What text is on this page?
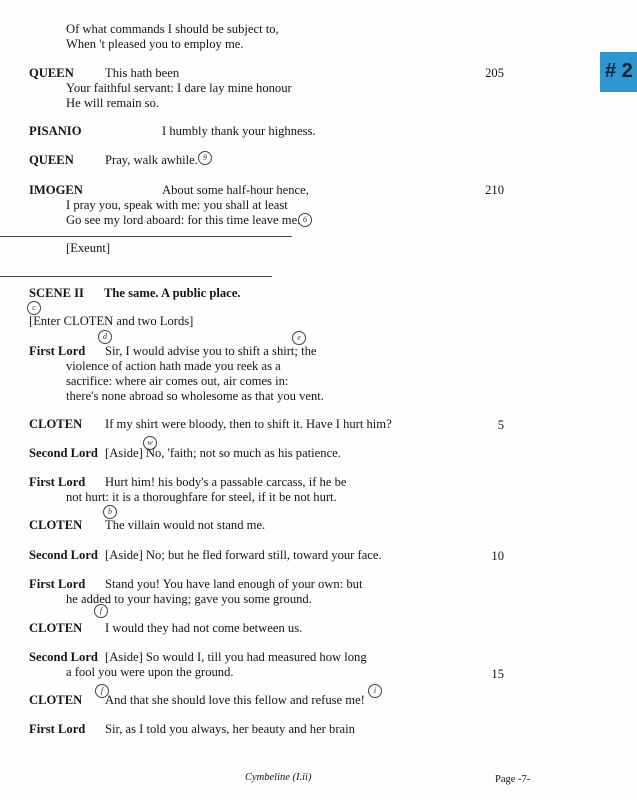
# 2
Of what commands I should be subject to,
When 't pleased you to employ me.
QUEEN This hath been	205
Your faithful servant: I dare lay mine honour
He will remain so.
PISANIO	I humbly thank your highness.
QUEEN Pray, walk awhile. 9
IMOGEN	About some half-hour hence,	210
I pray you, speak with me: you shall at least
Go see my lord aboard: for this time leave me. 6
[Exeunt]
SCENE II The same. A public place.
c
[Enter CLOTEN and two Lords]
d	e
First Lord Sir, I would advise you to shift a shirt; the
violence of action hath made you reek as a
sacrifice: where air comes out, air comes in:
there's none abroad so wholesome as that you vent.
CLOTEN If my shirt were bloody, then to shift it. Have I hurt him?	5
w
Second Lord [Aside] No, 'faith; not so much as his patience.
First Lord Hurt him! his body's a passable carcass, if he be
not hurt: it is a thoroughfare for steel, if it be not hurt.
b
CLOTEN The villain would not stand me.
Second Lord [Aside] No; but he fled forward still, toward your face.	10
First Lord Stand you! You have land enough of your own: but
he added to your having; gave you some ground.
f
CLOTEN I would they had not come between us.
Second Lord [Aside] So would I, till you had measured how long
a fool you were upon the ground.	15
f
CLOTEN And that she should love this fellow and refuse me!
i
First Lord Sir, as I told you always, her beauty and her brain
Cymbeline (I.ii)	Page -7-
